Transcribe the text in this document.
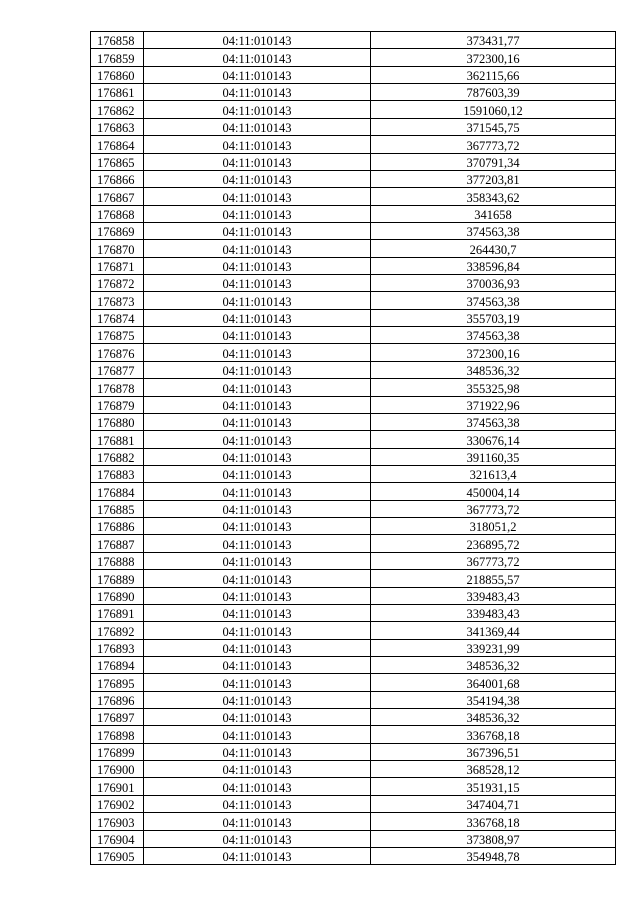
176858	04:11:010143	373431,77
176859	04:11:010143	372300,16
176860	04:11:010143	362115,66
176861	04:11:010143	787603,39
176862	04:11:010143	1591060,12
176863	04:11:010143	371545,75
176864	04:11:010143	367773,72
176865	04:11:010143	370791,34
176866	04:11:010143	377203,81
176867	04:11:010143	358343,62
176868	04:11:010143	341658
176869	04:11:010143	374563,38
176870	04:11:010143	264430,7
176871	04:11:010143	338596,84
176872	04:11:010143	370036,93
176873	04:11:010143	374563,38
176874	04:11:010143	355703,19
176875	04:11:010143	374563,38
176876	04:11:010143	372300,16
176877	04:11:010143	348536,32
176878	04:11:010143	355325,98
176879	04:11:010143	371922,96
176880	04:11:010143	374563,38
176881	04:11:010143	330676,14
176882	04:11:010143	391160,35
176883	04:11:010143	321613,4
176884	04:11:010143	450004,14
176885	04:11:010143	367773,72
176886	04:11:010143	318051,2
176887	04:11:010143	236895,72
176888	04:11:010143	367773,72
176889	04:11:010143	218855,57
176890	04:11:010143	339483,43
176891	04:11:010143	339483,43
176892	04:11:010143	341369,44
176893	04:11:010143	339231,99
176894	04:11:010143	348536,32
176895	04:11:010143	364001,68
176896	04:11:010143	354194,38
176897	04:11:010143	348536,32
176898	04:11:010143	336768,18
176899	04:11:010143	367396,51
176900	04:11:010143	368528,12
176901	04:11:010143	351931,15
176902	04:11:010143	347404,71
176903	04:11:010143	336768,18
176904	04:11:010143	373808,97
176905	04:11:010143	354948,78
